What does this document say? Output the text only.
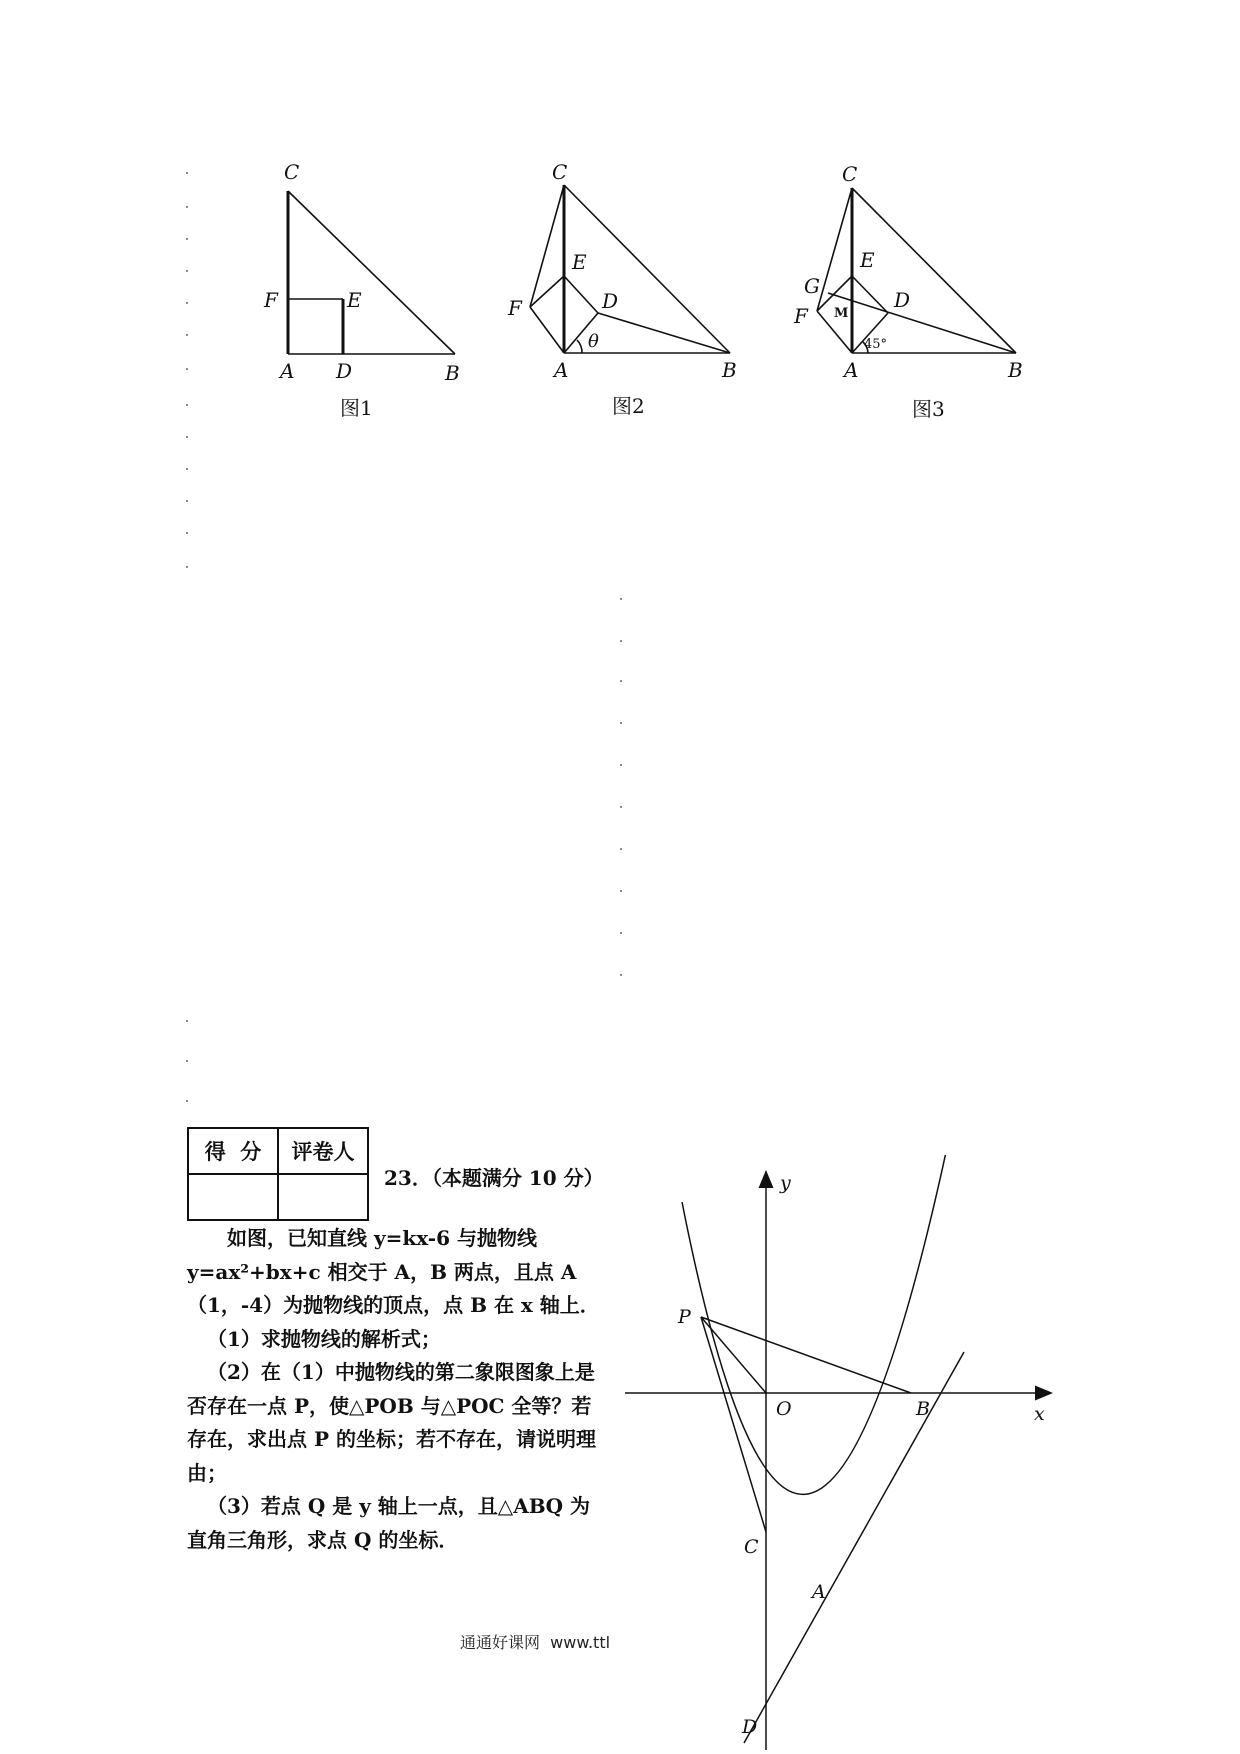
C
F	E
A D	B
图1
C
E
F	D
θ
A	B
图2
C
G
E
F M
D
45°
A	B
图3
得  分	评卷人

23．（本题满分 10 分）

如图，已知直线 y=kx-6 与抛物线 y=ax²+bx+c 相交于 A，B 两点，且点 A（1，-4）为抛物线的顶点，点 B 在 x 轴上．

（1）求抛物线的解析式；

（2）在（1）中抛物线的第二象限图象上是否存在一点 P，使△POB 与△POC 全等？若存在，求出点 P 的坐标；若不存在，请说明理由；

（3）若点 Q 是 y 轴上一点，且△ABQ 为直角三角形，求点 Q 的坐标．

y
x
O
P
B
C
A
D
通通好课网  www.ttl
